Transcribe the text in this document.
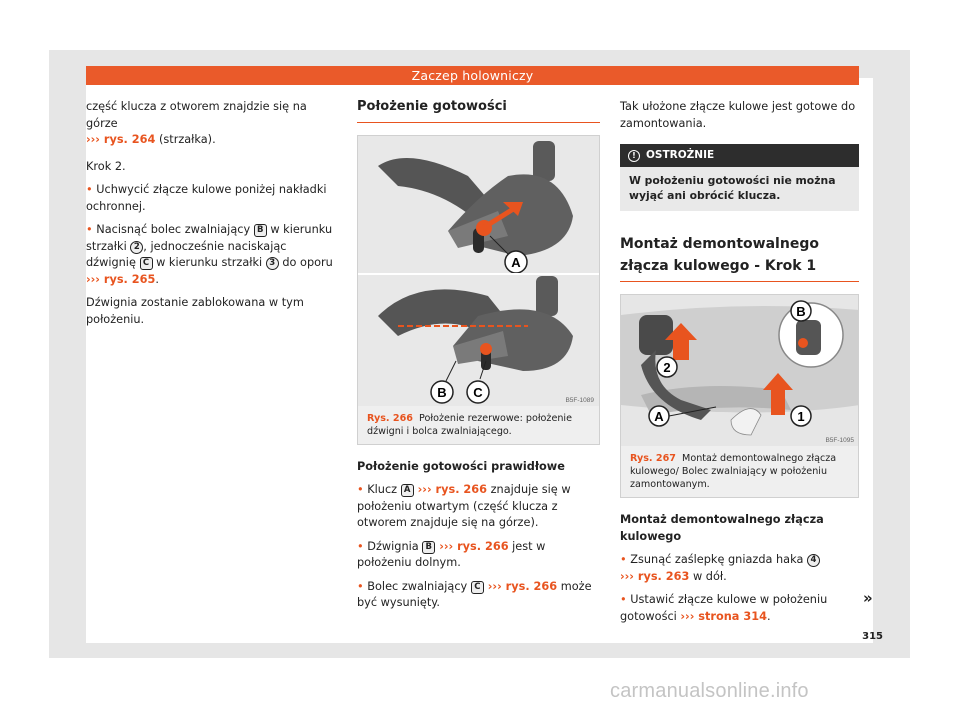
Zaczep holowniczy

część klucza z otworem znajdzie się na górze
››› rys. 264 (strzałka).

Krok 2.

• Uchwycić złącze kulowe poniżej nakładki ochronnej.

• Nacisnąć bolec zwalniający B w kierunku strzałki 2 , jednocześnie naciskając dźwignię C w kierunku strzałki 3 do oporu
››› rys. 265.

Dźwignia zostanie zablokowana w tym położeniu.

Położenie gotowości
A
B C
B5F-1089
Rys. 266 Położenie rezerwowe: położenie dźwigni i bolca zwalniającego.

Położenie gotowości prawidłowe

• Klucz A ››› rys. 266 znajduje się w położeniu otwartym (część klucza z otworem znajduje się na górze).

• Dźwignia B ››› rys. 266 jest w położeniu dolnym.

• Bolec zwalniający C ››› rys. 266 może być wysunięty.

Tak ułożone złącze kulowe jest gotowe do zamontowania.

! OSTROŻNIE
W położeniu gotowości nie można wyjąć ani obrócić klucza.
Montaż demontowalnego złącza kulowego - Krok 1
B
2
A	1
B5F-1095
Rys. 267 Montaż demontowalnego złącza kulowego/ Bolec zwalniający w położeniu zamontowanym.

Montaż demontowalnego złącza kulowego

• Zsunąć zaślepkę gniazda haka 4
››› rys. 263 w dół.

• Ustawić złącze kulowe w położeniu gotowości ››› strona 314.

»
315
carmanualsonline.info
